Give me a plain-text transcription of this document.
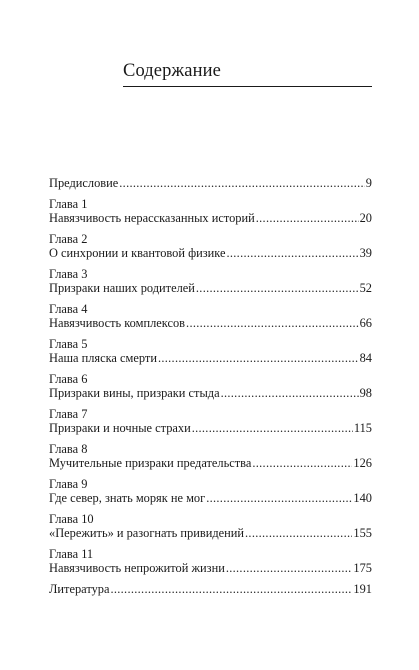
Содержание
Предисловие .....	9
Глава 1
Навязчивость нерассказанных историй .....	20
Глава 2
О синхронии и квантовой физике .....	39
Глава 3
Призраки наших родителей .....	52
Глава 4
Навязчивость комплексов .....	66
Глава 5
Наша пляска смерти .....	84
Глава 6
Призраки вины, призраки стыда .....	98
Глава 7
Призраки и ночные страхи .....	115
Глава 8
Мучительные призраки предательства .....	126
Глава 9
Где север, знать моряк не мог .....	140
Глава 10
«Пережить» и разогнать привидений .....	155
Глава 11
Навязчивость непрожитой жизни .....	175
Литература .....	191
